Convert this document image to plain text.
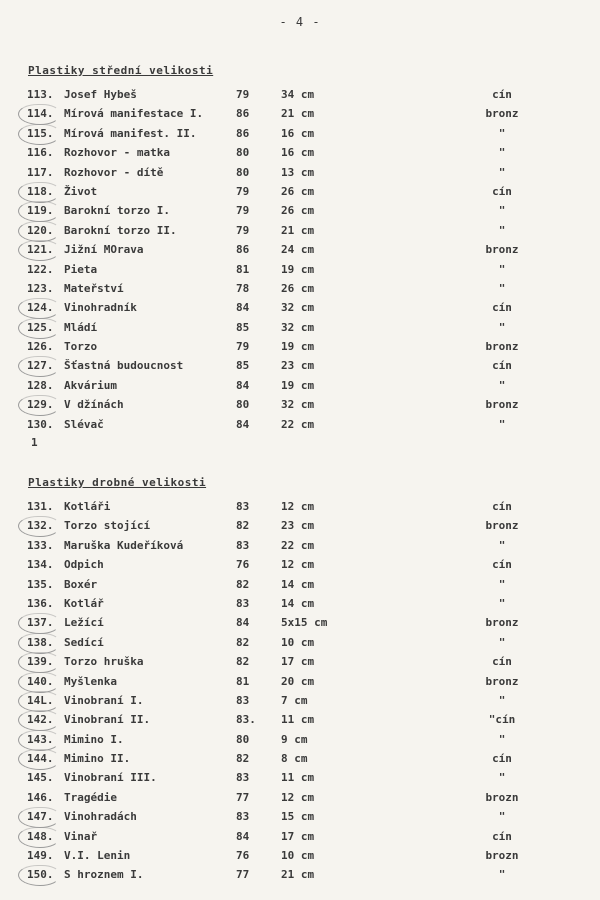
- 4 -
Plastiky střední velikosti
113. Josef Hybeš	79	34 cm	cín
114. Mírová manifestace I.	86	21 cm	bronz
115. Mírová manifest. II.	86	16 cm	"
116. Rozhovor - matka	80	16 cm	"
117. Rozhovor - dítě	80	13 cm	"
118. Život	79	26 cm	cín
119. Barokní torzo I.	79	26 cm	"
120. Barokní torzo II.	79	21 cm	"
121. Jižní MOrava	86	24 cm	bronz
122. Pieta	81	19 cm	"
123. Mateřství	78	26 cm	"
124. Vinohradník	84	32 cm	cín
125. Mládí	85	32 cm	"
126. Torzo	79	19 cm	bronz
127. Šťastná budoucnost	85	23 cm	cín
128. Akvárium	84	19 cm	"
129. V džínách	80	32 cm	bronz
130. Slévač	84	22 cm	"
1
Plastiky drobné velikosti
131. Kotláři	83	12 cm	cín
132. Torzo stojící	82	23 cm	bronz
133. Maruška Kudeříková	83	22 cm	"
134. Odpich	76	12 cm	cín
135. Boxér	82	14 cm	"
136. Kotlář	83	14 cm	"
137. Ležící	84	5x15 cm	bronz
138. Sedící	82	10 cm	"
139. Torzo hruška	82	17 cm	cín
140. Myšlenka	81	20 cm	bronz
14L. Vinobraní I.	83	7 cm	"
142. Vinobraní II.	83.	11 cm	"cín
143. Mimino I.	80	9 cm	"
144. Mimino II.	82	8 cm	cín
145. Vinobraní III.	83	11 cm	"
146. Tragédie	77	12 cm	brozn
147. Vinohradách	83	15 cm	"
148. Vinař	84	17 cm	cín
149. V.I. Lenin	76	10 cm	brozn
150. S hroznem I.	77	21 cm	"
